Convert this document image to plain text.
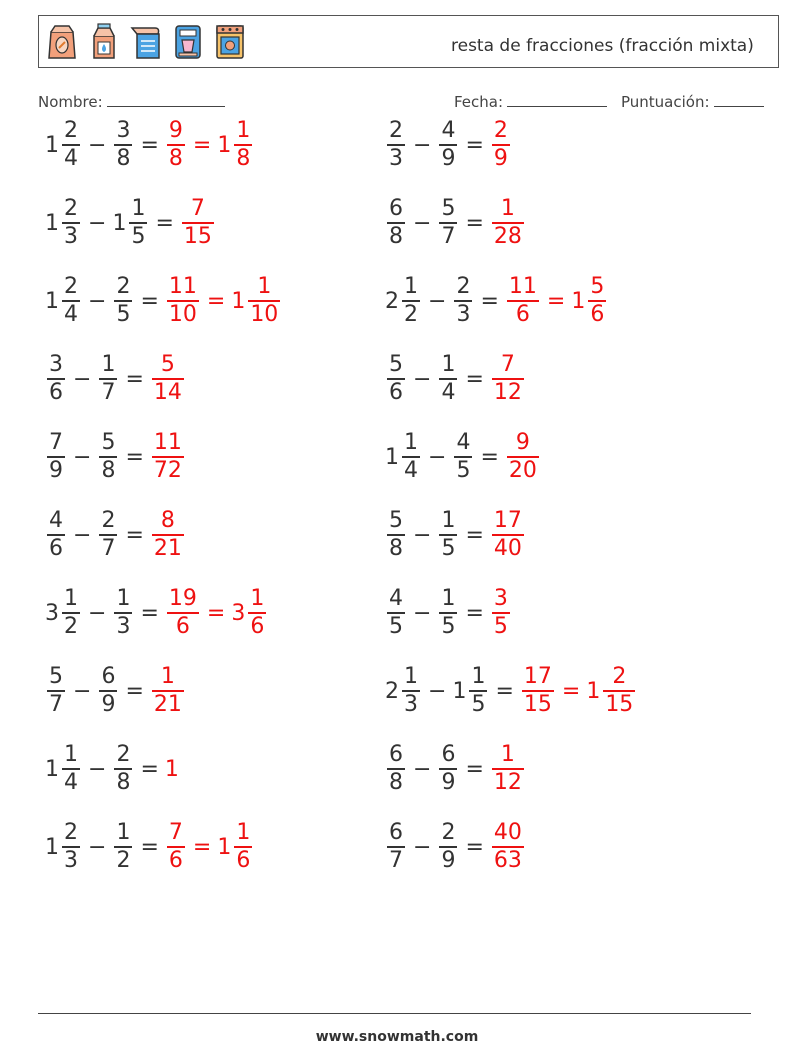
resta de fracciones (fracción mixta)
Nombre:	Fecha:	Puntuación:
$1 \frac{2}{4} - \frac{3}{8} = \frac{9}{8} = 1 \frac{1}{8}$	$\frac{2}{3} - \frac{4}{9} = \frac{2}{9}$
$1 \frac{2}{3} - 1 \frac{1}{5} = \frac{7}{15}$	$\frac{6}{8} - \frac{5}{7} = \frac{1}{28}$
$1 \frac{2}{4} - \frac{2}{5} = \frac{11}{10} = 1 \frac{1}{10}$	$2 \frac{1}{2} - \frac{2}{3} = \frac{11}{6} = 1 \frac{5}{6}$
$\frac{3}{6} - \frac{1}{7} = \frac{5}{14}$	$\frac{5}{6} - \frac{1}{4} = \frac{7}{12}$
$\frac{7}{9} - \frac{5}{8} = \frac{11}{72}$	$1 \frac{1}{4} - \frac{4}{5} = \frac{9}{20}$
$\frac{4}{6} - \frac{2}{7} = \frac{8}{21}$	$\frac{5}{8} - \frac{1}{5} = \frac{17}{40}$
$3 \frac{1}{2} - \frac{1}{3} = \frac{19}{6} = 3 \frac{1}{6}$	$\frac{4}{5} - \frac{1}{5} = \frac{3}{5}$
$\frac{5}{7} - \frac{6}{9} = \frac{1}{21}$	$2 \frac{1}{3} - 1 \frac{1}{5} = \frac{17}{15} = 1 \frac{2}{15}$
$1 \frac{1}{4} - \frac{2}{8} = 1$	$\frac{6}{8} - \frac{6}{9} = \frac{1}{12}$
$1 \frac{2}{3} - \frac{1}{2} = \frac{7}{6} = 1 \frac{1}{6}$	$\frac{6}{7} - \frac{2}{9} = \frac{40}{63}$
www.snowmath.com
